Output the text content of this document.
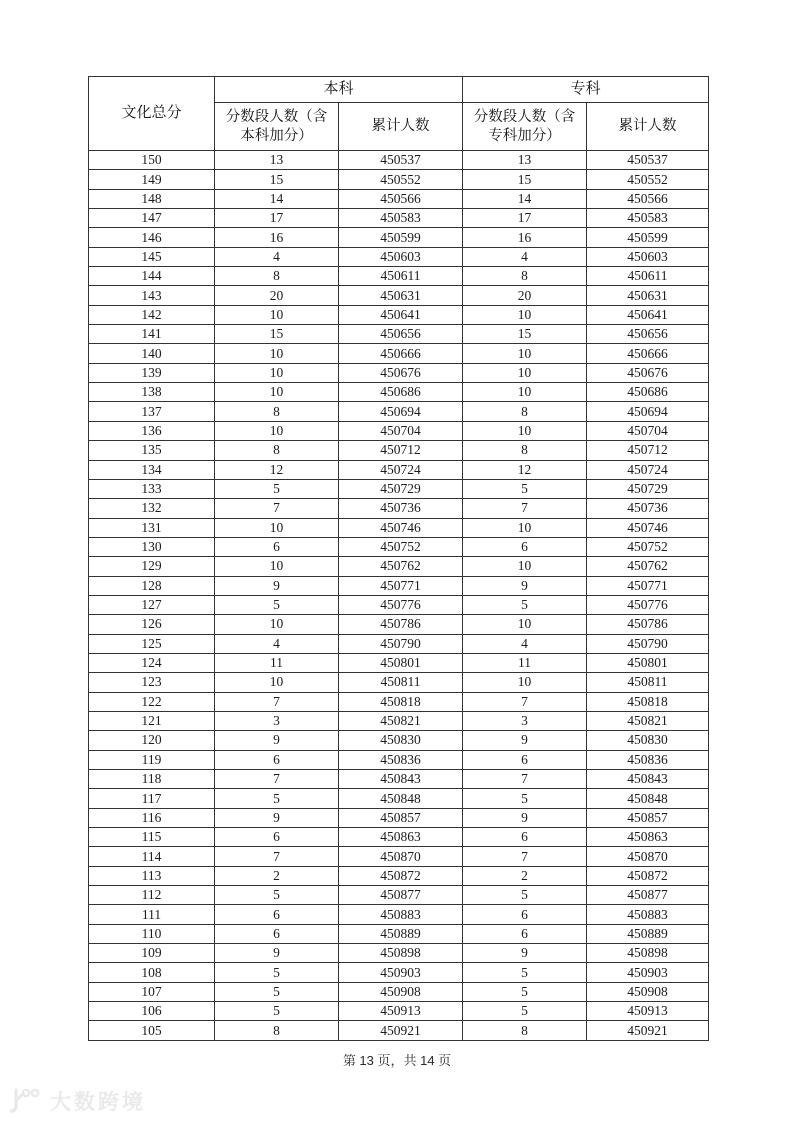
文化总分	本科		专科	
	分数段人数（含本科加分）	累计人数	分数段人数（含专科加分）	累计人数
150	13	450537	13	450537
149	15	450552	15	450552
148	14	450566	14	450566
147	17	450583	17	450583
146	16	450599	16	450599
145	4	450603	4	450603
144	8	450611	8	450611
143	20	450631	20	450631
142	10	450641	10	450641
141	15	450656	15	450656
140	10	450666	10	450666
139	10	450676	10	450676
138	10	450686	10	450686
137	8	450694	8	450694
136	10	450704	10	450704
135	8	450712	8	450712
134	12	450724	12	450724
133	5	450729	5	450729
132	7	450736	7	450736
131	10	450746	10	450746
130	6	450752	6	450752
129	10	450762	10	450762
128	9	450771	9	450771
127	5	450776	5	450776
126	10	450786	10	450786
125	4	450790	4	450790
124	11	450801	11	450801
123	10	450811	10	450811
122	7	450818	7	450818
121	3	450821	3	450821
120	9	450830	9	450830
119	6	450836	6	450836
118	7	450843	7	450843
117	5	450848	5	450848
116	9	450857	9	450857
115	6	450863	6	450863
114	7	450870	7	450870
113	2	450872	2	450872
112	5	450877	5	450877
111	6	450883	6	450883
110	6	450889	6	450889
109	9	450898	9	450898
108	5	450903	5	450903
107	5	450908	5	450908
106	5	450913	5	450913
105	8	450921	8	450921
第 13 页，共 14 页
大数跨境
